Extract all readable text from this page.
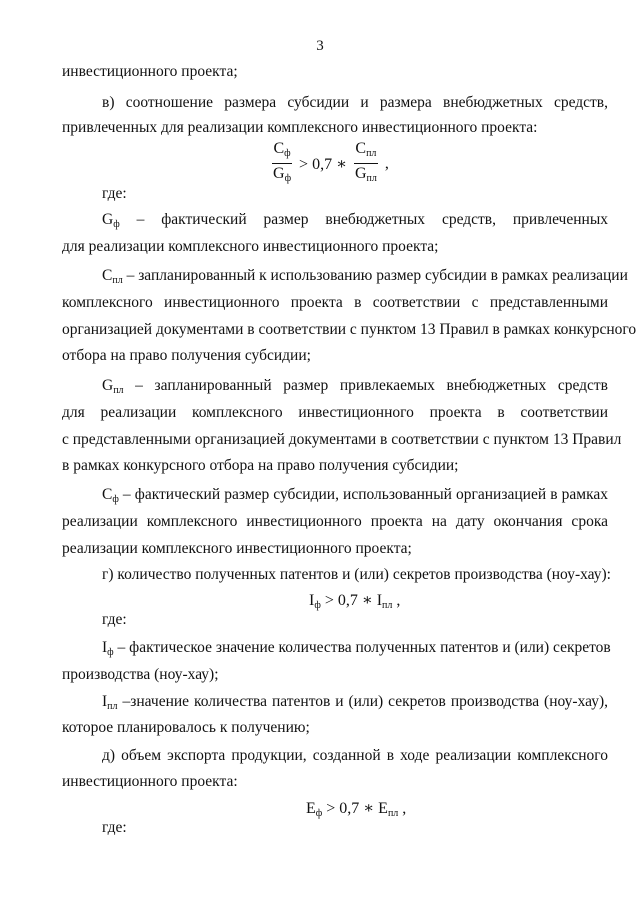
3
инвестиционного проекта;
в) соотношение размера субсидии и размера внебюджетных средств,
привлеченных для реализации комплексного инвестиционного проекта:
$\frac{C_ф}{G_ф} > 0,7$ ∗ $\frac{C_{пл}}{G_{пл}}$ ,
где:
$G_ф$ – фактический размер внебюджетных средств, привлеченных
для реализации комплексного инвестиционного проекта;
$C_{пл}$ – запланированный к использованию размер субсидии в рамках реализации
комплексного инвестиционного проекта в соответствии с представленными
организацией документами в соответствии с пунктом 13 Правил в рамках конкурсного
отбора на право получения субсидии;
$G_{пл}$ – запланированный размер привлекаемых внебюджетных средств
для реализации комплексного инвестиционного проекта в соответствии
с представленными организацией документами в соответствии с пунктом 13 Правил
в рамках конкурсного отбора на право получения субсидии;
$C_ф$ – фактический размер субсидии, использованный организацией в рамках
реализации комплексного инвестиционного проекта на дату окончания срока
реализации комплексного инвестиционного проекта;
г) количество полученных патентов и (или) секретов производства (ноу-хау):
$I_ф > 0,7$ ∗ $I_{пл}$ ,
где:
$I_ф$ – фактическое значение количества полученных патентов и (или) секретов
производства (ноу-хау);
$I_{пл}$ –значение количества патентов и (или) секретов производства (ноу-хау),
которое планировалось к получению;
д) объем экспорта продукции, созданной в ходе реализации комплексного
инвестиционного проекта:
$E_ф > 0,7$ ∗ $E_{пл}$ ,
где:
